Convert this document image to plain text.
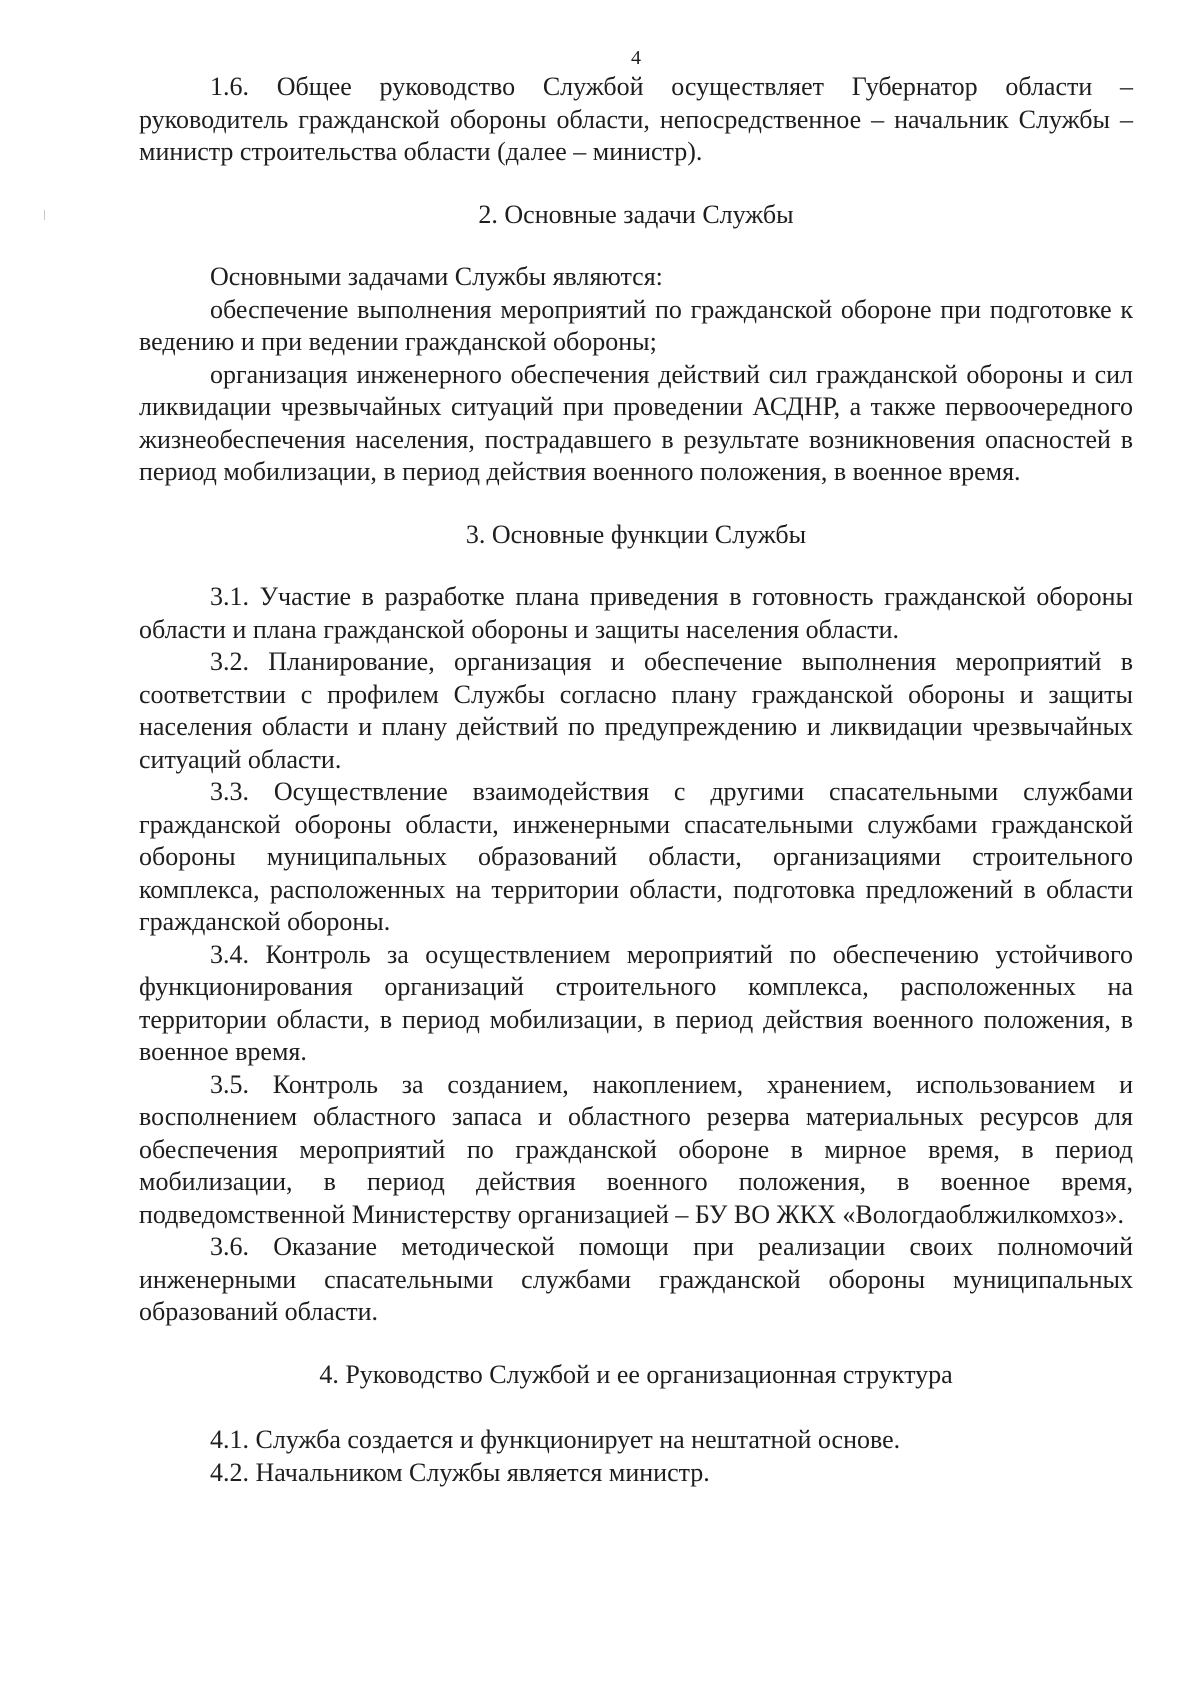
4

1.6. Общее руководство Службой осуществляет Губернатор области – руководитель гражданской обороны области, непосредственное – начальник Службы – министр строительства области (далее – министр).

2. Основные задачи Службы

Основными задачами Службы являются:

обеспечение выполнения мероприятий по гражданской обороне при подготовке к ведению и при ведении гражданской обороны;

организация инженерного обеспечения действий сил гражданской обороны и сил ликвидации чрезвычайных ситуаций при проведении АСДНР, а также первоочередного жизнеобеспечения населения, пострадавшего в результате возникновения опасностей в период мобилизации, в период действия военного положения, в военное время.

3. Основные функции Службы

3.1. Участие в разработке плана приведения в готовность гражданской обороны области и плана гражданской обороны и защиты населения области.

3.2. Планирование, организация и обеспечение выполнения мероприятий в соответствии с профилем Службы согласно плану гражданской обороны и защиты населения области и плану действий по предупреждению и ликвидации чрезвычайных ситуаций области.

3.3. Осуществление взаимодействия с другими спасательными службами гражданской обороны области, инженерными спасательными службами гражданской обороны муниципальных образований области, организациями строительного комплекса, расположенных на территории области, подготовка предложений в области гражданской обороны.

3.4. Контроль за осуществлением мероприятий по обеспечению устойчивого функционирования организаций строительного комплекса, расположенных на территории области, в период мобилизации, в период действия военного положения, в военное время.

3.5. Контроль за созданием, накоплением, хранением, использованием и восполнением областного запаса и областного резерва материальных ресурсов для обеспечения мероприятий по гражданской обороне в мирное время, в период мобилизации, в период действия военного положения, в военное время, подведомственной Министерству организацией – БУ ВО ЖКХ «Вологдаоблжилкомхоз».

3.6. Оказание методической помощи при реализации своих полномочий инженерными спасательными службами гражданской обороны муниципальных образований области.

4. Руководство Службой и ее организационная структура

4.1. Служба создается и функционирует на нештатной основе.

4.2. Начальником Службы является министр.
